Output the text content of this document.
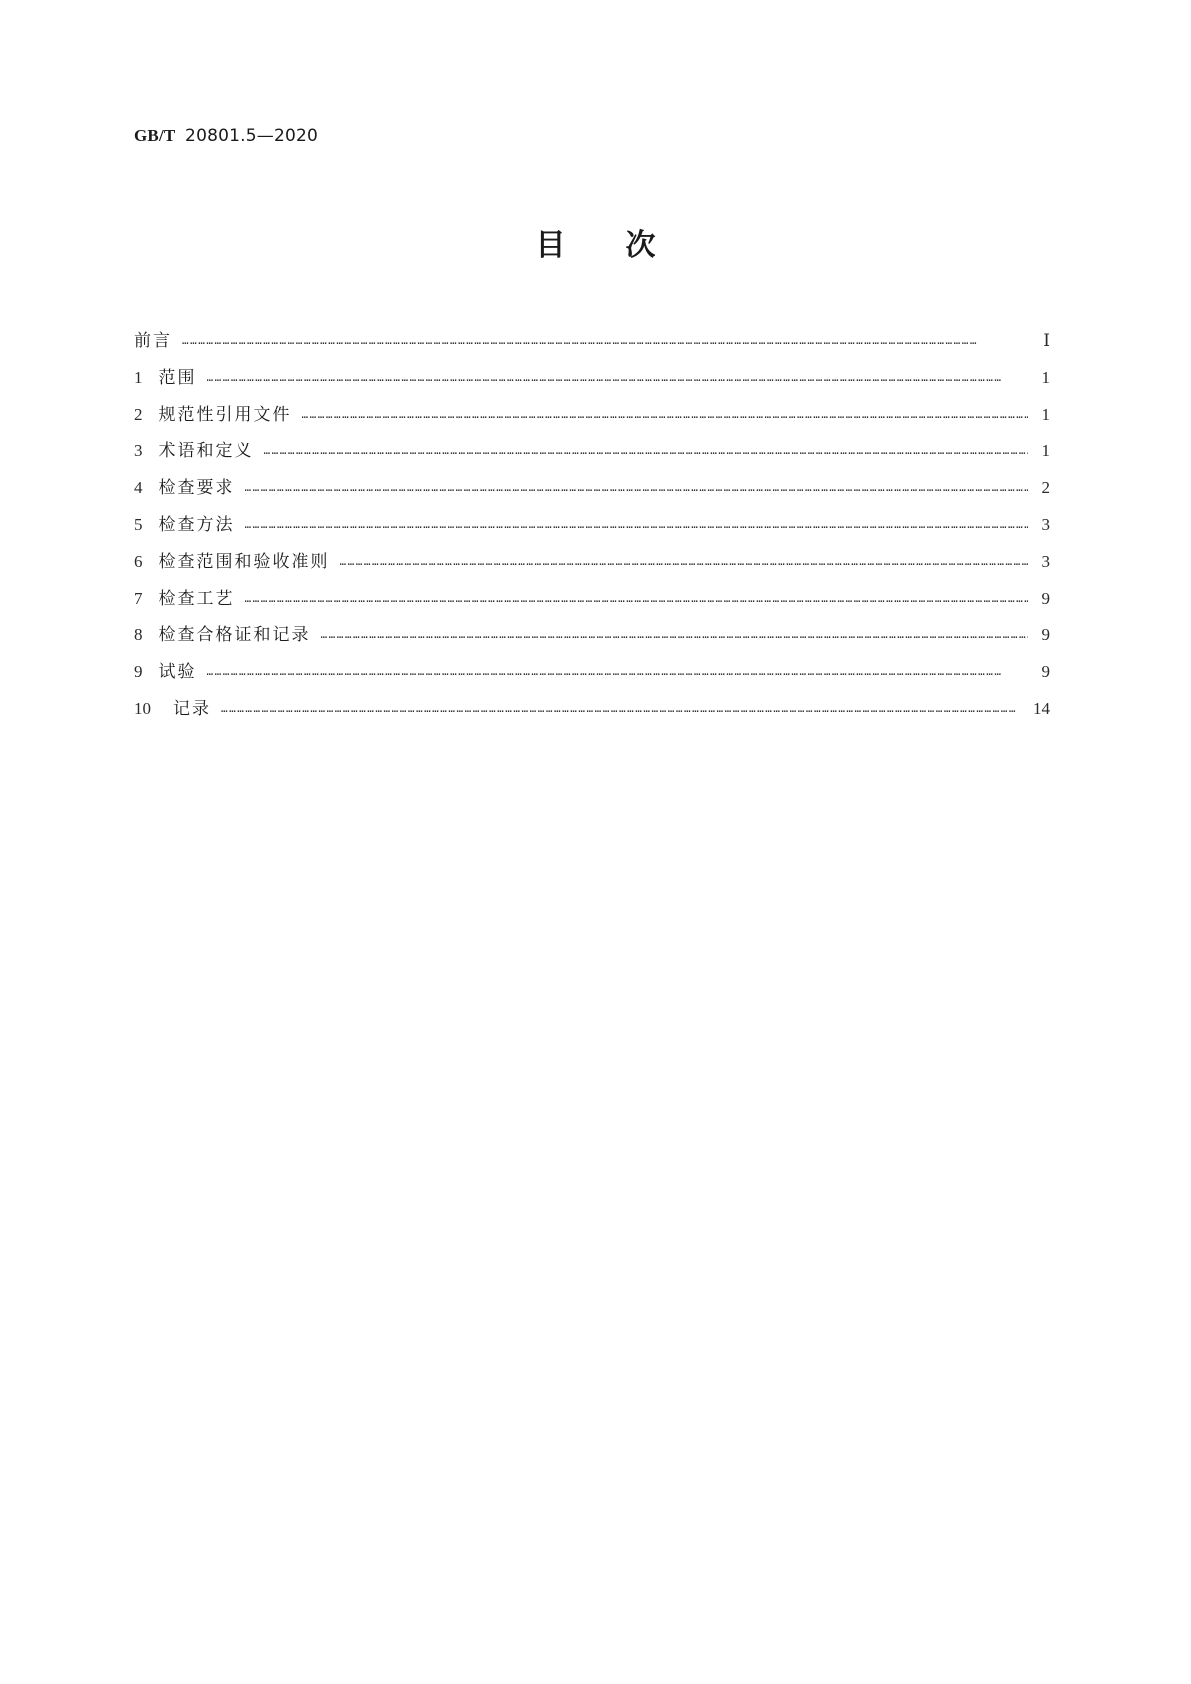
GB/T 20801.5—2020
目次
前言 ……………………………………………………………………………………………………………………………………………………………………………………………………………………………………………………………………	Ⅰ
1 范围 ……………………………………………………………………………………………………………………………………………………………………………………………………………………………………………………………………	1
2 规范性引用文件 ……………………………………………………………………………………………………………………………………………………………………………………………………………………………………………………………………	1
3 术语和定义 ……………………………………………………………………………………………………………………………………………………………………………………………………………………………………………………………………	1
4 检查要求 ……………………………………………………………………………………………………………………………………………………………………………………………………………………………………………………………………	2
5 检查方法 ……………………………………………………………………………………………………………………………………………………………………………………………………………………………………………………………………	3
6 检查范围和验收准则 ……………………………………………………………………………………………………………………………………………………………………………………………………………………………………………………………………	3
7 检查工艺 ……………………………………………………………………………………………………………………………………………………………………………………………………………………………………………………………………	9
8 检查合格证和记录 ……………………………………………………………………………………………………………………………………………………………………………………………………………………………………………………………………	9
9 试验 ……………………………………………………………………………………………………………………………………………………………………………………………………………………………………………………………………	9
10 记录 ……………………………………………………………………………………………………………………………………………………………………………………………………………………………………………………………………	14
